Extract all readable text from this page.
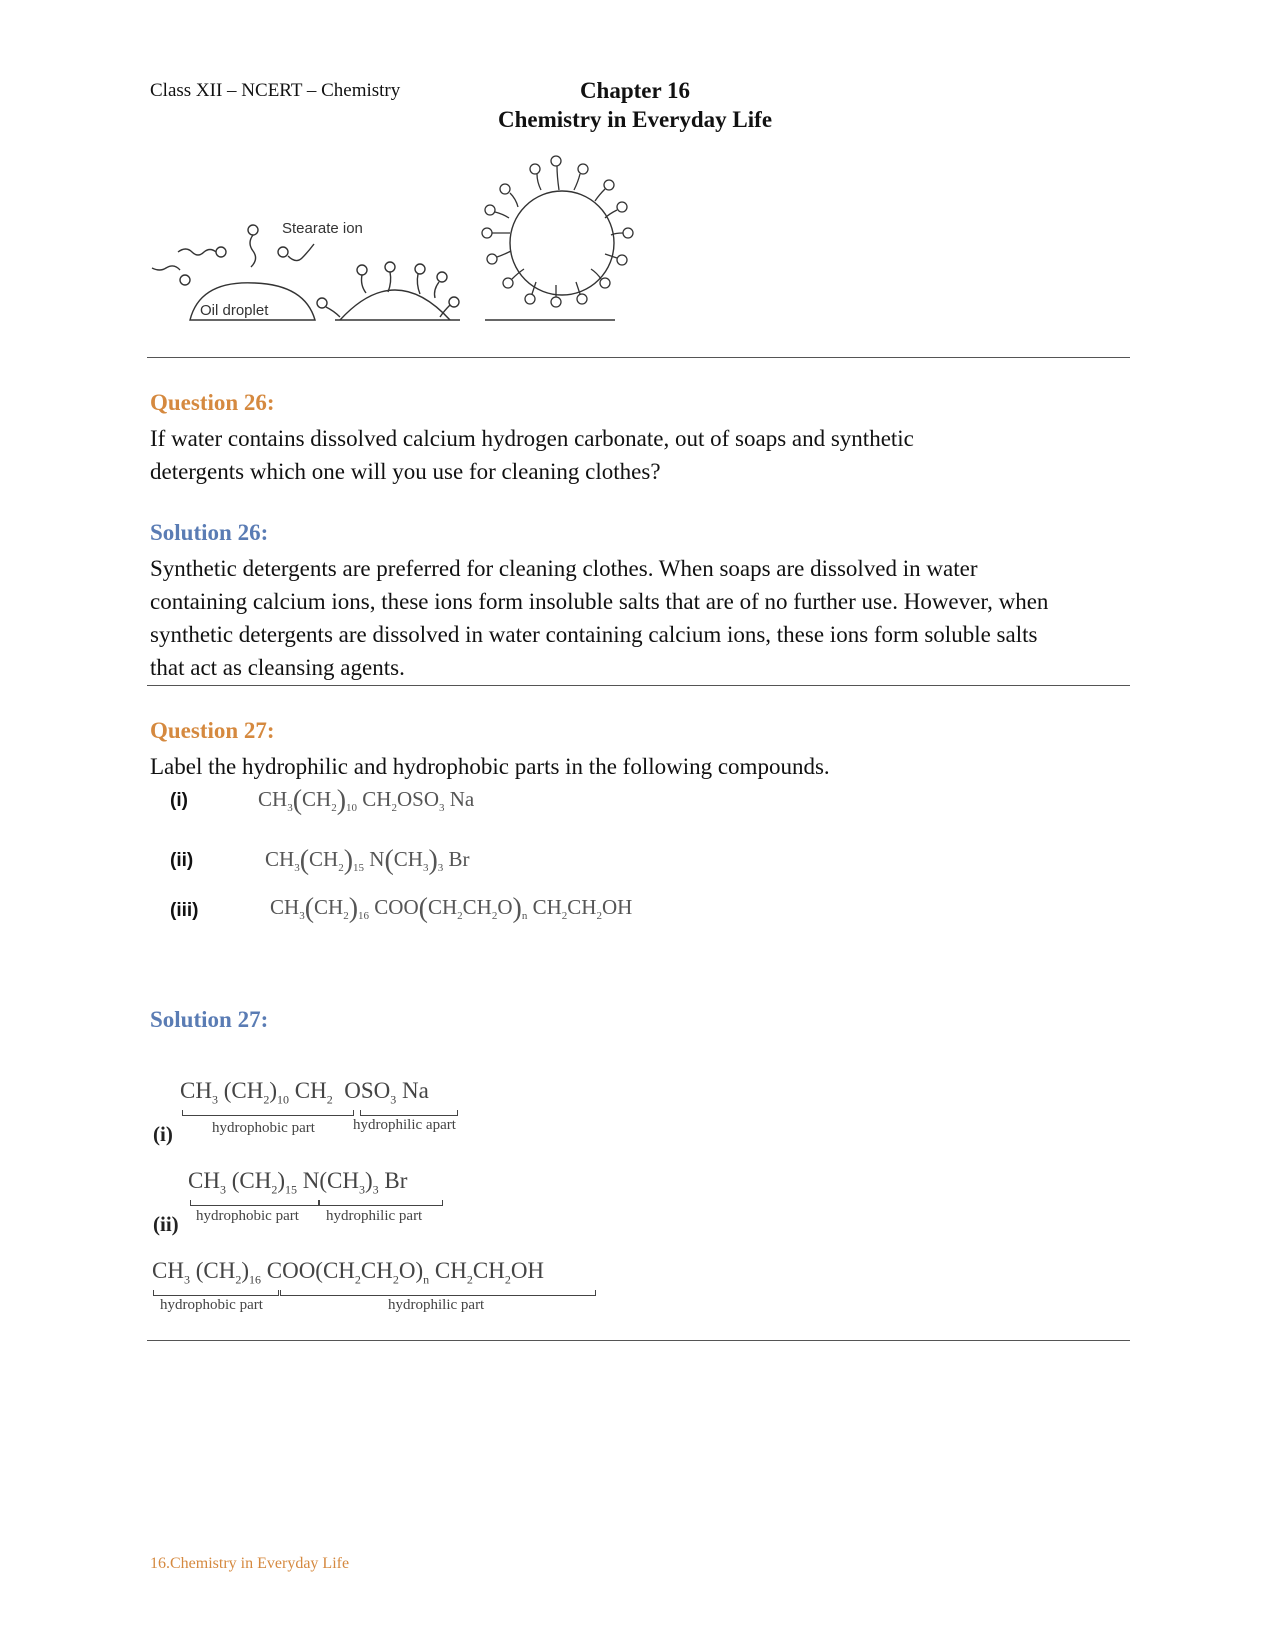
Class XII – NCERT – Chemistry	Chapter 16
Chemistry in Everyday Life
Stearate ion
Oil droplet
Question 26:
If water contains dissolved calcium hydrogen carbonate, out of soaps and synthetic detergents which one will you use for cleaning clothes?
Solution 26:
Synthetic detergents are preferred for cleaning clothes. When soaps are dissolved in water containing calcium ions, these ions form insoluble salts that are of no further use. However, when synthetic detergents are dissolved in water containing calcium ions, these ions form soluble salts that act as cleansing agents.
Question 27:
Label the hydrophilic and hydrophobic parts in the following compounds.
(i)	$CH_3(CH_2)_{10}$ $CH_2OSO_3$ Na
(ii)	$CH_3(CH_2)_{15}$ $N(CH_3)_3$ Br
(iii)	$CH_3(CH_2)_{16}$ $COO(CH_2CH_2O)_n$ $CH_2CH_2OH$
Solution 27:
$CH_3$ $(CH_2)_{10}$ $CH_2$  $OSO_3$ Na
hydrophobic part	hydrophilic apart
(i)
$CH_3$ $(CH_2)_{15}$ $N(CH_3)_3$ Br
hydrophobic part hydrophilic part
(ii)
$CH_3$ $(CH_2)_{16}$ $COO(CH_2CH_2O)_n$ $CH_2CH_2OH$
hydrophobic part	hydrophilic part
16.Chemistry in Everyday Life
